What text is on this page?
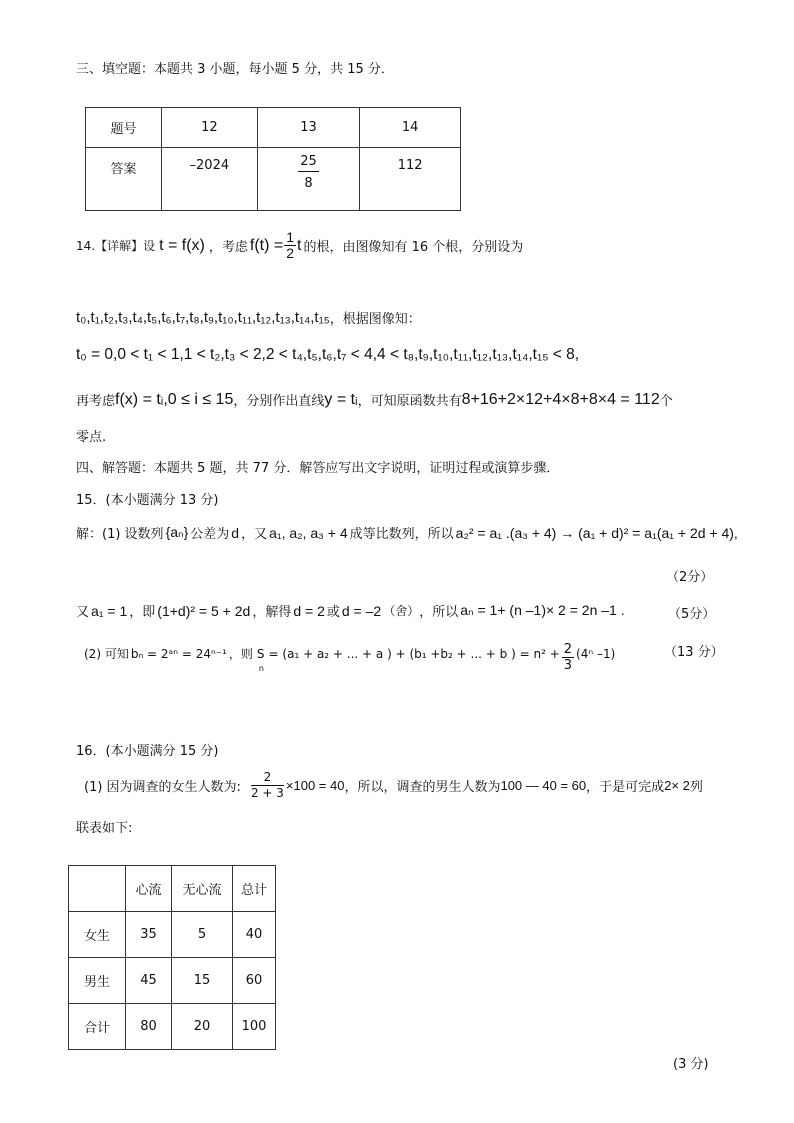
三、填空题：本题共 3 小题，每小题 5 分，共 15 分．
题号	12	13	14
答案	–2024	$\frac{25}{8}$	112
14.【详解】设 t = f(x) ，考虑 $f(t) = \frac{1}{2}$ t 的根，由图像知有 16 个根，分别设为
t₀,t₁,t₂,t₃,t₄,t₅,t₆,t₇,t₈,t₉,t₁₀,t₁₁,t₁₂,t₁₃,t₁₄,t₁₅ ，根据图像知：
t₀ = 0,0 < t₁ < 1,1 < t₂,t₃ < 2,2 < t₄,t₅,t₆,t₇ < 4,4 < t₈,t₉,t₁₀,t₁₁,t₁₂,t₁₃,t₁₄,t₁₅ < 8,
再考虑 f(x) = tᵢ,0 ≤ i ≤ 15 ，分别作出直线 y = tᵢ ，可知原函数共有 8+16+2×12+4×8+8×4 = 112 个
零点.
四、解答题：本题共 5 题，共 77 分．解答应写出文字说明，证明过程或演算步骤．
15．(本小题满分 13 分)
解：(1) 设数列 {aₙ} 公差为 d ，又 a₁, a₂, a₃ + 4 成等比数列，所以 a₂² = a₁ .(a₃ + 4) → (a₁ + d)² = a₁(a₁ + 2d + 4),
（2分）
又 a₁ = 1 ，即 (1+d)² = 5 + 2d ，解得 d = 2 或 d = –2 （舍） ，所以 aₙ = 1+ (n –1)× 2 = 2n –1 .	（5分）
(2) 可知 bₙ = 2ᵃⁿ = 24ⁿ⁻¹ ，则 S
n
= (a₁ + a₂ + ... + a ) + (b₁ +b₂ + ... + b ) = $n^2 + \frac{2}{3} (4^n$ –1)	（13 分）
16．(本小题满分 15 分)
(1) 因为调查的女生人数为: $\frac{2}{2 + 3} \times 100 = 40$ ，所以，调查的男生人数为 100 — 40 = 60 ，于是可完成 2× 2 列
联表如下:
	心流	无心流	总计
女生	35	5	40
男生	45	15	60
合计	80	20	100
(3 分)
